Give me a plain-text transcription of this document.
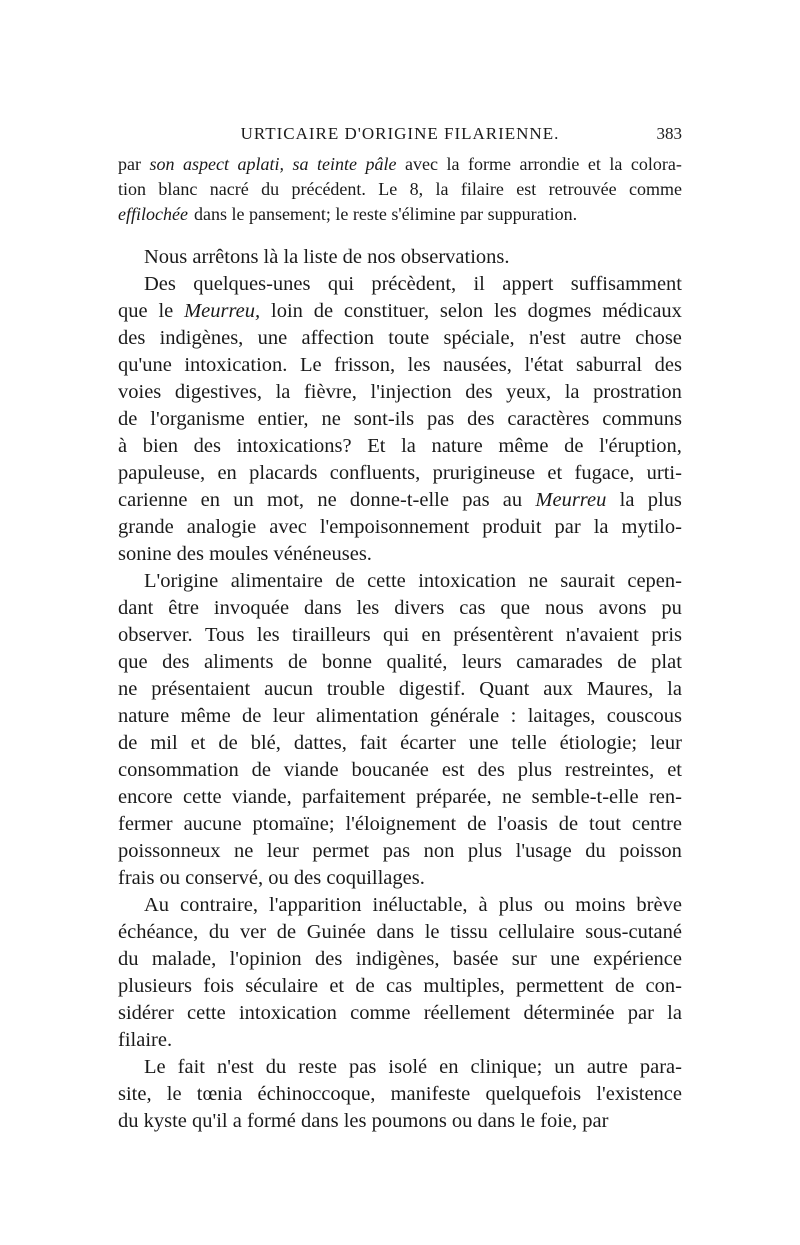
URTICAIRE D'ORIGINE FILARIENNE.	383
par son aspect aplati, sa teinte pâle avec la forme arrondie et la colora-
tion blanc nacré du précédent. Le 8, la filaire est retrouvée comme
effilochée dans le pansement; le reste s'élimine par suppuration.
Nous arrêtons là la liste de nos observations.
Des quelques-unes qui précèdent, il appert suffisamment
que le Meurreu, loin de constituer, selon les dogmes médicaux
des indigènes, une affection toute spéciale, n'est autre chose
qu'une intoxication. Le frisson, les nausées, l'état saburral des
voies digestives, la fièvre, l'injection des yeux, la prostration
de l'organisme entier, ne sont-ils pas des caractères communs
à bien des intoxications? Et la nature même de l'éruption,
papuleuse, en placards confluents, prurigineuse et fugace, urti-
carienne en un mot, ne donne-t-elle pas au Meurreu la plus
grande analogie avec l'empoisonnement produit par la mytilo-
sonine des moules vénéneuses.
L'origine alimentaire de cette intoxication ne saurait cepen-
dant être invoquée dans les divers cas que nous avons pu
observer. Tous les tirailleurs qui en présentèrent n'avaient pris
que des aliments de bonne qualité, leurs camarades de plat
ne présentaient aucun trouble digestif. Quant aux Maures, la
nature même de leur alimentation générale : laitages, couscous
de mil et de blé, dattes, fait écarter une telle étiologie; leur
consommation de viande boucanée est des plus restreintes, et
encore cette viande, parfaitement préparée, ne semble-t-elle ren-
fermer aucune ptomaïne; l'éloignement de l'oasis de tout centre
poissonneux ne leur permet pas non plus l'usage du poisson
frais ou conservé, ou des coquillages.
Au contraire, l'apparition inéluctable, à plus ou moins brève
échéance, du ver de Guinée dans le tissu cellulaire sous-cutané
du malade, l'opinion des indigènes, basée sur une expérience
plusieurs fois séculaire et de cas multiples, permettent de con-
sidérer cette intoxication comme réellement déterminée par la
filaire.
Le fait n'est du reste pas isolé en clinique; un autre para-
site, le tœnia échinoccoque, manifeste quelquefois l'existence
du kyste qu'il a formé dans les poumons ou dans le foie, par
